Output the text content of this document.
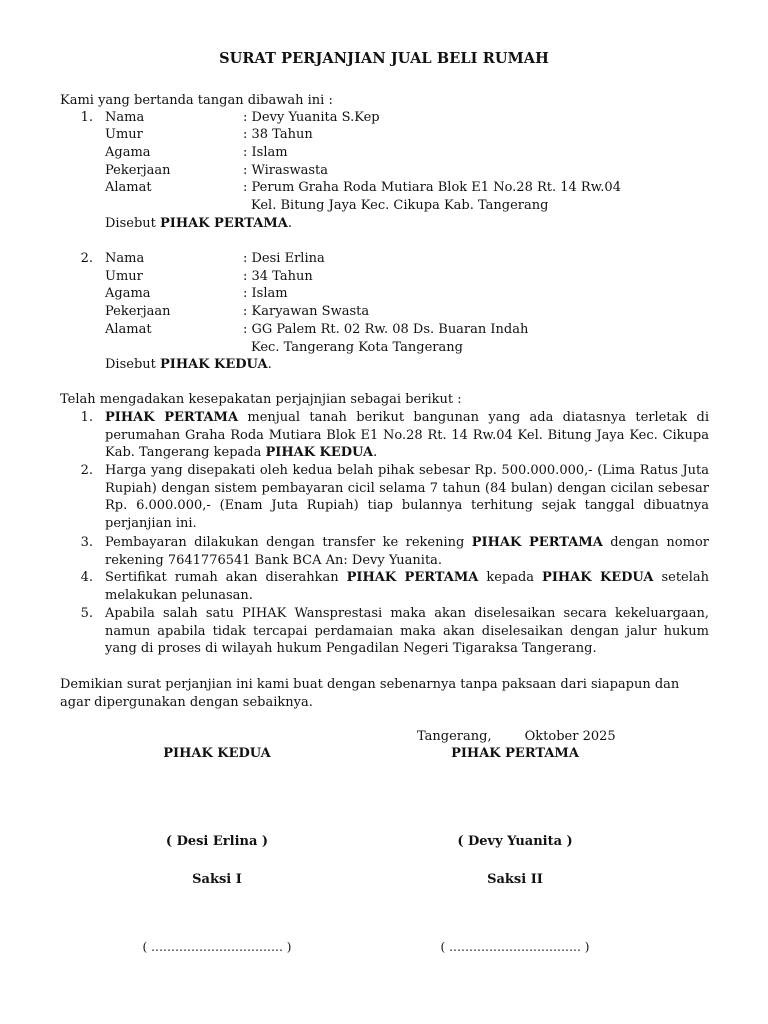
SURAT PERJANJIAN JUAL BELI RUMAH
Kami yang bertanda tangan dibawah ini :
1. Nama	: Devy Yuanita S.Kep
Umur	: 38 Tahun
Agama	: Islam
Pekerjaan	: Wiraswasta
Alamat	: Perum Graha Roda Mutiara Blok E1 No.28 Rt. 14 Rw.04
Kel. Bitung Jaya Kec. Cikupa Kab. Tangerang
Disebut PIHAK PERTAMA.
2. Nama	: Desi Erlina
Umur	: 34 Tahun
Agama	: Islam
Pekerjaan	: Karyawan Swasta
Alamat	: GG Palem Rt. 02 Rw. 08 Ds. Buaran Indah
Kec. Tangerang Kota Tangerang
Disebut PIHAK KEDUA.
Telah mengadakan kesepakatan perjajnjian sebagai berikut :
1. PIHAK PERTAMA menjual tanah berikut bangunan yang ada diatasnya terletak di perumahan Graha Roda Mutiara Blok E1 No.28 Rt. 14 Rw.04 Kel. Bitung Jaya Kec. Cikupa Kab. Tangerang kepada PIHAK KEDUA.
2. Harga yang disepakati oleh kedua belah pihak sebesar Rp. 500.000.000,- (Lima Ratus Juta Rupiah) dengan sistem pembayaran cicil selama 7 tahun (84 bulan) dengan cicilan sebesar Rp. 6.000.000,- (Enam Juta Rupiah) tiap bulannya terhitung sejak tanggal dibuatnya perjanjian ini.
3. Pembayaran dilakukan dengan transfer ke rekening PIHAK PERTAMA dengan nomor rekening 7641776541 Bank BCA An: Devy Yuanita.
4. Sertifikat rumah akan diserahkan PIHAK PERTAMA kepada PIHAK KEDUA setelah melakukan pelunasan.
5. Apabila salah satu PIHAK Wansprestasi maka akan diselesaikan secara kekeluargaan, namun apabila tidak tercapai perdamaian maka akan diselesaikan dengan jalur hukum yang di proses di wilayah hukum Pengadilan Negeri Tigaraksa Tangerang.
Demikian surat perjanjian ini kami buat dengan sebenarnya tanpa paksaan dari siapapun dan agar dipergunakan dengan sebaiknya.
Tangerang,        Oktober 2025
PIHAK KEDUA	PIHAK PERTAMA
( Desi Erlina )	( Devy Yuanita )
Saksi I	Saksi II
( …………………………… )	( …………………………… )
